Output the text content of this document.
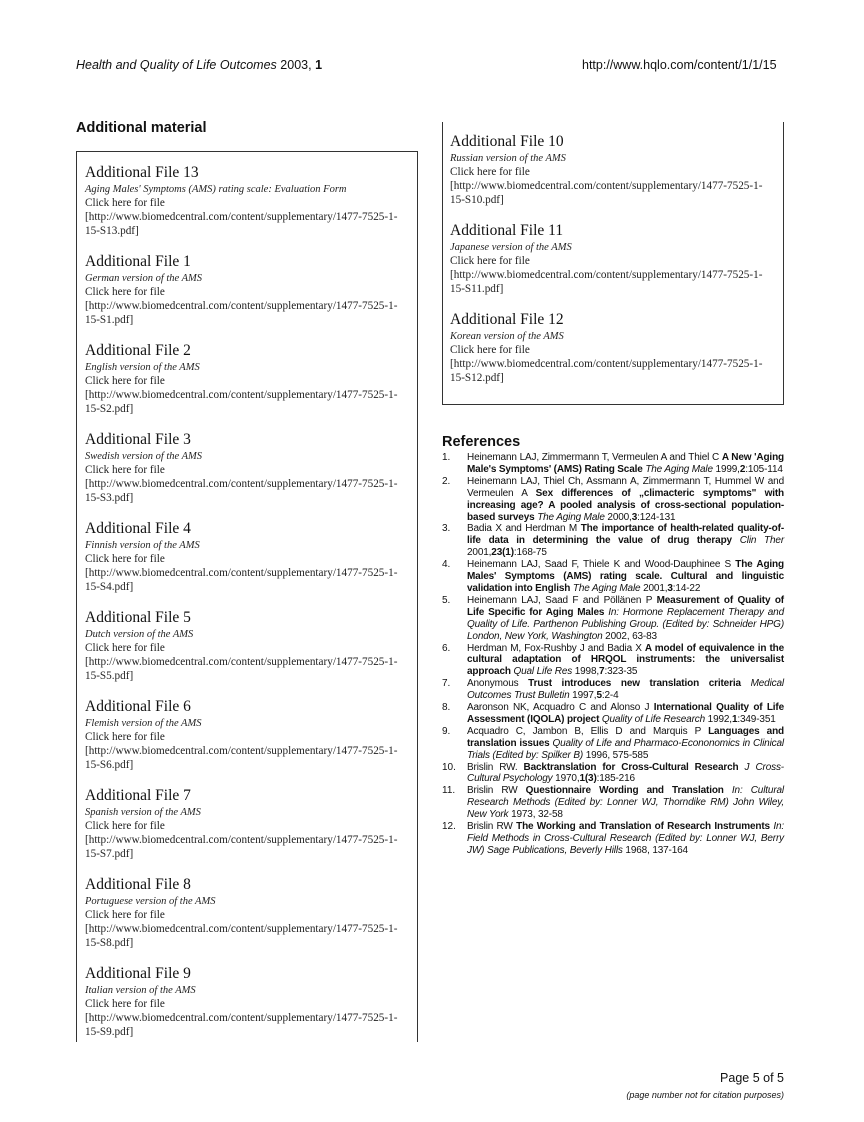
Health and Quality of Life Outcomes 2003, 1	http://www.hqlo.com/content/1/1/15
Additional material
Additional File 13
Aging Males' Symptoms (AMS) rating scale: Evaluation Form
Click here for file
[http://www.biomedcentral.com/content/supplementary/1477-7525-1-15-S13.pdf]
Additional File 1
German version of the AMS
Click here for file
[http://www.biomedcentral.com/content/supplementary/1477-7525-1-15-S1.pdf]
Additional File 2
English version of the AMS
Click here for file
[http://www.biomedcentral.com/content/supplementary/1477-7525-1-15-S2.pdf]
Additional File 3
Swedish version of the AMS
Click here for file
[http://www.biomedcentral.com/content/supplementary/1477-7525-1-15-S3.pdf]
Additional File 4
Finnish version of the AMS
Click here for file
[http://www.biomedcentral.com/content/supplementary/1477-7525-1-15-S4.pdf]
Additional File 5
Dutch version of the AMS
Click here for file
[http://www.biomedcentral.com/content/supplementary/1477-7525-1-15-S5.pdf]
Additional File 6
Flemish version of the AMS
Click here for file
[http://www.biomedcentral.com/content/supplementary/1477-7525-1-15-S6.pdf]
Additional File 7
Spanish version of the AMS
Click here for file
[http://www.biomedcentral.com/content/supplementary/1477-7525-1-15-S7.pdf]
Additional File 8
Portuguese version of the AMS
Click here for file
[http://www.biomedcentral.com/content/supplementary/1477-7525-1-15-S8.pdf]
Additional File 9
Italian version of the AMS
Click here for file
[http://www.biomedcentral.com/content/supplementary/1477-7525-1-15-S9.pdf]
Additional File 10
Russian version of the AMS
Click here for file
[http://www.biomedcentral.com/content/supplementary/1477-7525-1-15-S10.pdf]
Additional File 11
Japanese version of the AMS
Click here for file
[http://www.biomedcentral.com/content/supplementary/1477-7525-1-15-S11.pdf]
Additional File 12
Korean version of the AMS
Click here for file
[http://www.biomedcentral.com/content/supplementary/1477-7525-1-15-S12.pdf]
References
1.	Heinemann LAJ, Zimmermann T, Vermeulen A and Thiel C A New 'Aging Male's Symptoms' (AMS) Rating Scale The Aging Male 1999,2:105-114
2.	Heinemann LAJ, Thiel Ch, Assmann A, Zimmermann T, Hummel W and Vermeulen A Sex differences of „climacteric symptoms" with increasing age? A pooled analysis of cross-sectional population-based surveys The Aging Male 2000,3:124-131
3.	Badia X and Herdman M The importance of health-related quality-of-life data in determining the value of drug therapy Clin Ther 2001,23(1):168-75
4.	Heinemann LAJ, Saad F, Thiele K and Wood-Dauphinee S The Aging Males' Symptoms (AMS) rating scale. Cultural and linguistic validation into English The Aging Male 2001,3:14-22
5.	Heinemann LAJ, Saad F and Pöllänen P Measurement of Quality of Life Specific for Aging Males In: Hormone Replacement Therapy and Quality of Life. Parthenon Publishing Group. (Edited by: Schneider HPG) London, New York, Washington 2002, 63-83
6.	Herdman M, Fox-Rushby J and Badia X A model of equivalence in the cultural adaptation of HRQOL instruments: the universalist approach Qual Life Res 1998,7:323-35
7.	Anonymous Trust introduces new translation criteria Medical Outcomes Trust Bulletin 1997,5:2-4
8.	Aaronson NK, Acquadro C and Alonso J International Quality of Life Assessment (IQOLA) project Quality of Life Research 1992,1:349-351
9.	Acquadro C, Jambon B, Ellis D and Marquis P Languages and translation issues Quality of Life and Pharmaco-Econonomics in Clinical Trials (Edited by: Spilker B) 1996, 575-585
10.	Brislin RW. Backtranslation for Cross-Cultural Research J Cross-Cultural Psychology 1970,1(3):185-216
11.	Brislin RW Questionnaire Wording and Translation In: Cultural Research Methods (Edited by: Lonner WJ, Thorndike RM) John Wiley, New York 1973, 32-58
12.	Brislin RW The Working and Translation of Research Instruments In: Field Methods in Cross-Cultural Research (Edited by: Lonner WJ, Berry JW) Sage Publications, Beverly Hills 1968, 137-164
Page 5 of 5
(page number not for citation purposes)
